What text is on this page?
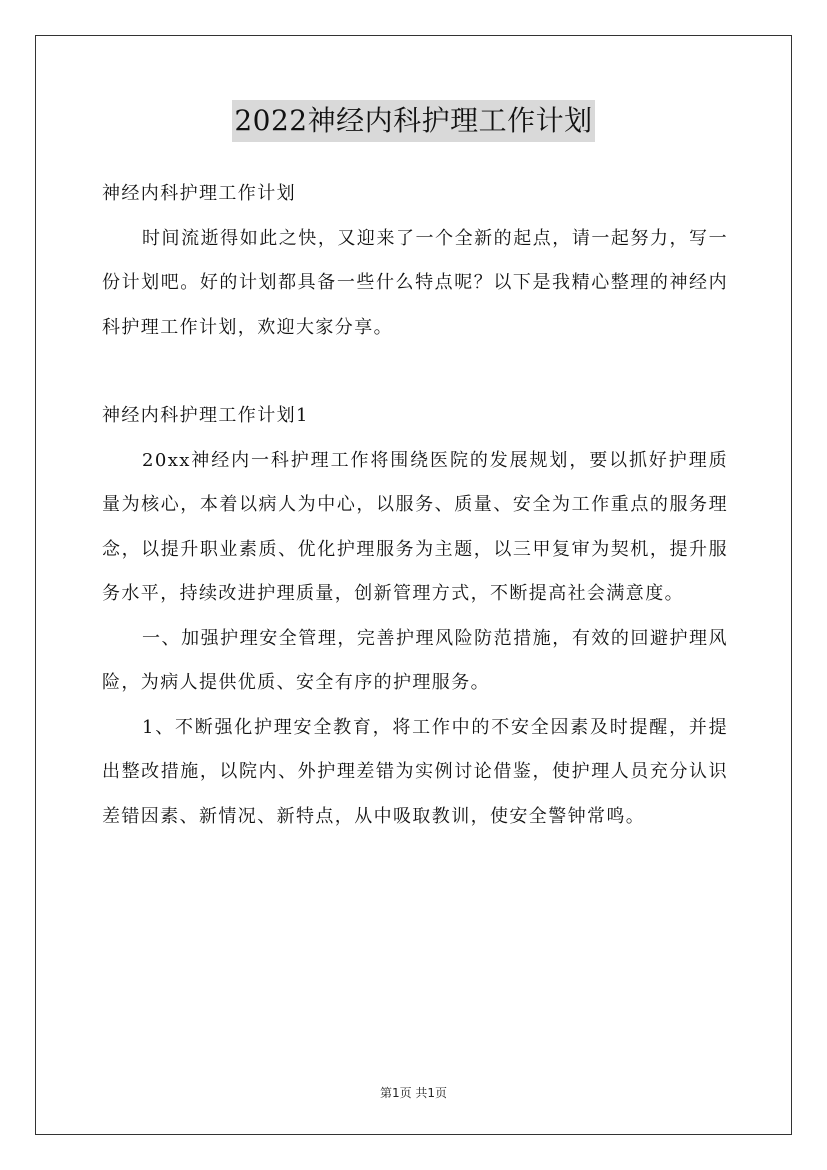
2022神经内科护理工作计划

神经内科护理工作计划

时间流逝得如此之快，又迎来了一个全新的起点，请一起努力，写一份计划吧。好的计划都具备一些什么特点呢？以下是我精心整理的神经内科护理工作计划，欢迎大家分享。

神经内科护理工作计划1

20xx神经内一科护理工作将围绕医院的发展规划，要以抓好护理质量为核心，本着以病人为中心，以服务、质量、安全为工作重点的服务理念，以提升职业素质、优化护理服务为主题，以三甲复审为契机，提升服务水平，持续改进护理质量，创新管理方式，不断提高社会满意度。

一、加强护理安全管理，完善护理风险防范措施，有效的回避护理风险，为病人提供优质、安全有序的护理服务。

1、不断强化护理安全教育，将工作中的不安全因素及时提醒，并提出整改措施，以院内、外护理差错为实例讨论借鉴，使护理人员充分认识差错因素、新情况、新特点，从中吸取教训，使安全警钟常鸣。

第1页 共1页
